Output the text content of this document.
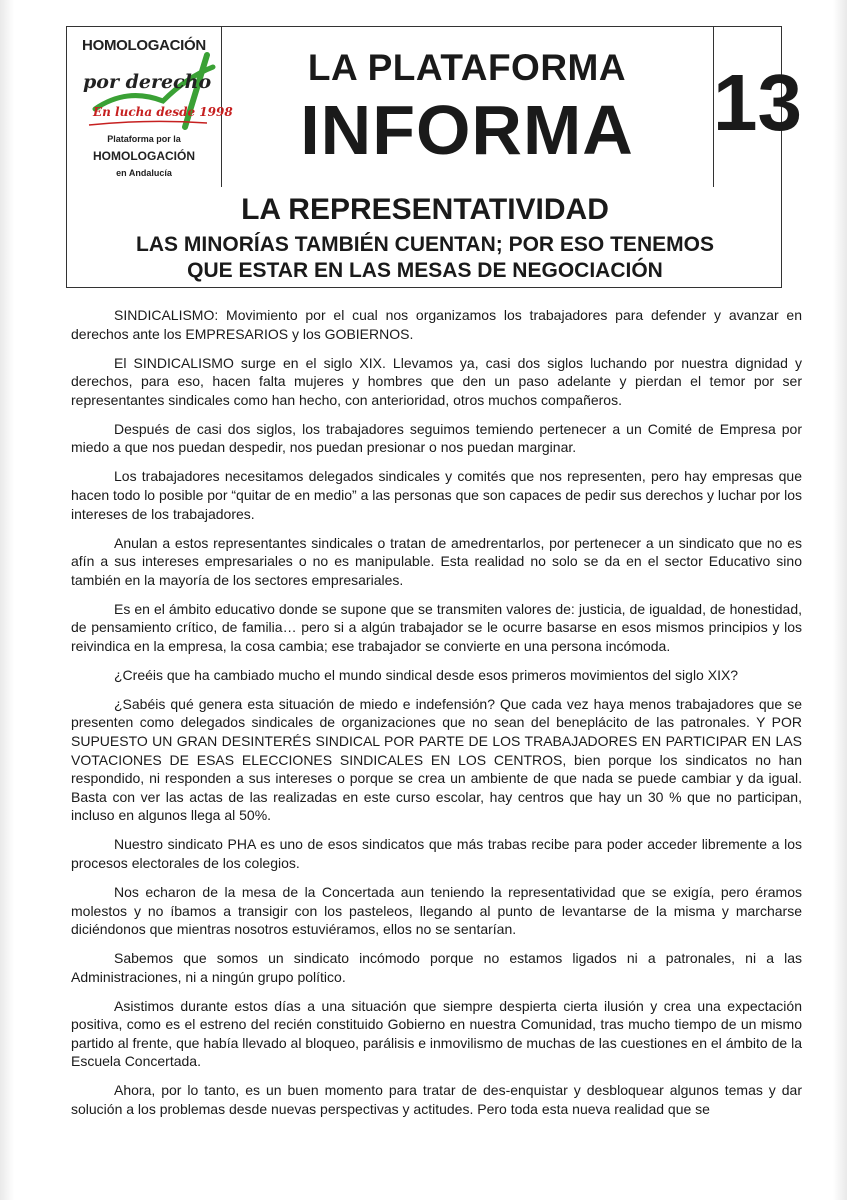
HOMOLOGACIÓN
por derecho
En lucha desde 1998
Plataforma por la
HOMOLOGACIÓN
en Andalucía
LA PLATAFORMA
INFORMA 13
LA REPRESENTATIVIDAD
LAS MINORÍAS TAMBIÉN CUENTAN; POR ESO TENEMOS
QUE ESTAR EN LAS MESAS DE NEGOCIACIÓN

SINDICALISMO: Movimiento por el cual nos organizamos los trabajadores para defender y avanzar en derechos ante los EMPRESARIOS y los GOBIERNOS.

El SINDICALISMO surge en el siglo XIX. Llevamos ya, casi dos siglos luchando por nuestra dignidad y derechos, para eso, hacen falta mujeres y hombres que den un paso adelante y pierdan el temor por ser representantes sindicales como han hecho, con anterioridad, otros muchos compañeros.

Después de casi dos siglos, los trabajadores seguimos temiendo pertenecer a un Comité de Empresa por miedo a que nos puedan despedir, nos puedan presionar o nos puedan marginar.

Los trabajadores necesitamos delegados sindicales y comités que nos representen, pero hay empresas que hacen todo lo posible por “quitar de en medio” a las personas que son capaces de pedir sus derechos y luchar por los intereses de los trabajadores.

Anulan a estos representantes sindicales o tratan de amedrentarlos, por pertenecer a un sindicato que no es afín a sus intereses empresariales o no es manipulable. Esta realidad no solo se da en el sector Educativo sino también en la mayoría de los sectores empresariales.

Es en el ámbito educativo donde se supone que se transmiten valores de: justicia, de igualdad, de honestidad, de pensamiento crítico, de familia… pero si a algún trabajador se le ocurre basarse en esos mismos principios y los reivindica en la empresa, la cosa cambia; ese trabajador se convierte en una persona incómoda.

¿Creéis que ha cambiado mucho el mundo sindical desde esos primeros movimientos del siglo XIX?

¿Sabéis qué genera esta situación de miedo e indefensión? Que cada vez haya menos trabajadores que se presenten como delegados sindicales de organizaciones que no sean del beneplácito de las patronales. Y POR SUPUESTO UN GRAN DESINTERÉS SINDICAL POR PARTE DE LOS TRABAJADORES EN PARTICIPAR EN LAS VOTACIONES DE ESAS ELECCIONES SINDICALES EN LOS CENTROS, bien porque los sindicatos no han respondido, ni responden a sus intereses o porque se crea un ambiente de que nada se puede cambiar y da igual. Basta con ver las actas de las realizadas en este curso escolar, hay centros que hay un 30 % que no participan, incluso en algunos llega al 50%.

Nuestro sindicato PHA es uno de esos sindicatos que más trabas recibe para poder acceder libremente a los procesos electorales de los colegios.

Nos echaron de la mesa de la Concertada aun teniendo la representatividad que se exigía, pero éramos molestos y no íbamos a transigir con los pasteleos, llegando al punto de levantarse de la misma y marcharse diciéndonos que mientras nosotros estuviéramos, ellos no se sentarían.

Sabemos que somos un sindicato incómodo porque no estamos ligados ni a patronales, ni a las Administraciones, ni a ningún grupo político.

Asistimos durante estos días a una situación que siempre despierta cierta ilusión y crea una expectación positiva, como es el estreno del recién constituido Gobierno en nuestra Comunidad, tras mucho tiempo de un mismo partido al frente, que había llevado al bloqueo, parálisis e inmovilismo de muchas de las cuestiones en el ámbito de la Escuela Concertada.

Ahora, por lo tanto, es un buen momento para tratar de des-enquistar y desbloquear algunos temas y dar solución a los problemas desde nuevas perspectivas y actitudes. Pero toda esta nueva realidad que se
